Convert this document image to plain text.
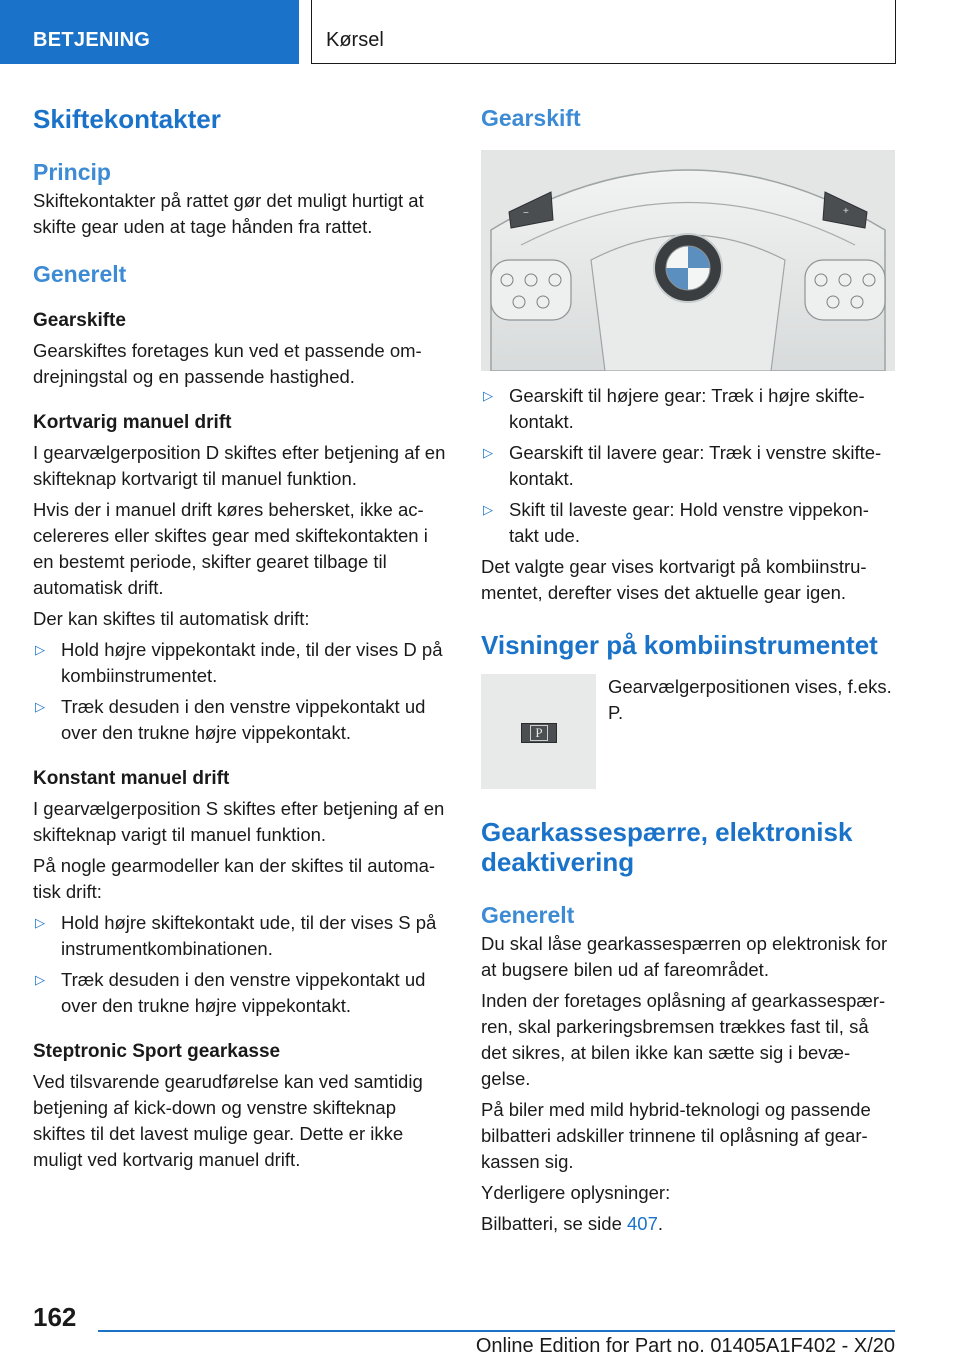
BETJENING	Kørsel
Skiftekontakter
Princip

Skiftekontakter på rattet gør det muligt hurtigt at skifte gear uden at tage hånden fra rattet.

Generelt
Gearskifte

Gearskiftes foretages kun ved et passende om-drejningstal og en passende hastighed.

Kortvarig manuel drift

I gearvælgerposition D skiftes efter betjening af en skifteknap kortvarigt til manuel funktion.

Hvis der i manuel drift køres behersket, ikke ac-celereres eller skiftes gear med skiftekontakten i en bestemt periode, skifter gearet tilbage til automatisk drift.

Der kan skiftes til automatisk drift:

▷ Hold højre vippekontakt inde, til der vises D på kombiinstrumentet.
▷ Træk desuden i den venstre vippekontakt ud over den trukne højre vippekontakt.
Konstant manuel drift

I gearvælgerposition S skiftes efter betjening af en skifteknap varigt til manuel funktion.

På nogle gearmodeller kan der skiftes til automa-tisk drift:

▷ Hold højre skiftekontakt ude, til der vises S på instrumentkombinationen.
▷ Træk desuden i den venstre vippekontakt ud over den trukne højre vippekontakt.
Steptronic Sport gearkasse

Ved tilsvarende gearudførelse kan ved samtidig betjening af kick-down og venstre skifteknap skiftes til det lavest mulige gear. Dette er ikke muligt ved kortvarig manuel drift.

Gearskift
−	+
▷ Gearskift til højere gear: Træk i højre skifte-kontakt.
▷ Gearskift til lavere gear: Træk i venstre skifte-kontakt.
▷ Skift til laveste gear: Hold venstre vippekon-takt ude.

Det valgte gear vises kortvarigt på kombiinstru-mentet, derefter vises det aktuelle gear igen.

Visninger på kombiinstrumentet
P

Gearvælgerpositionen vises, f.eks. P.

Gearkassespærre, elektronisk deaktivering
Generelt

Du skal låse gearkassespærren op elektronisk for at bugsere bilen ud af fareområdet.

Inden der foretages oplåsning af gearkassespær-ren, skal parkeringsbremsen trækkes fast til, så det sikres, at bilen ikke kan sætte sig i bevæ-gelse.

På biler med mild hybrid-teknologi og passende bilbatteri adskiller trinnene til oplåsning af gear-kassen sig.

Yderligere oplysninger:

Bilbatteri, se side 407.

162
Online Edition for Part no. 01405A1F402 - X/20
